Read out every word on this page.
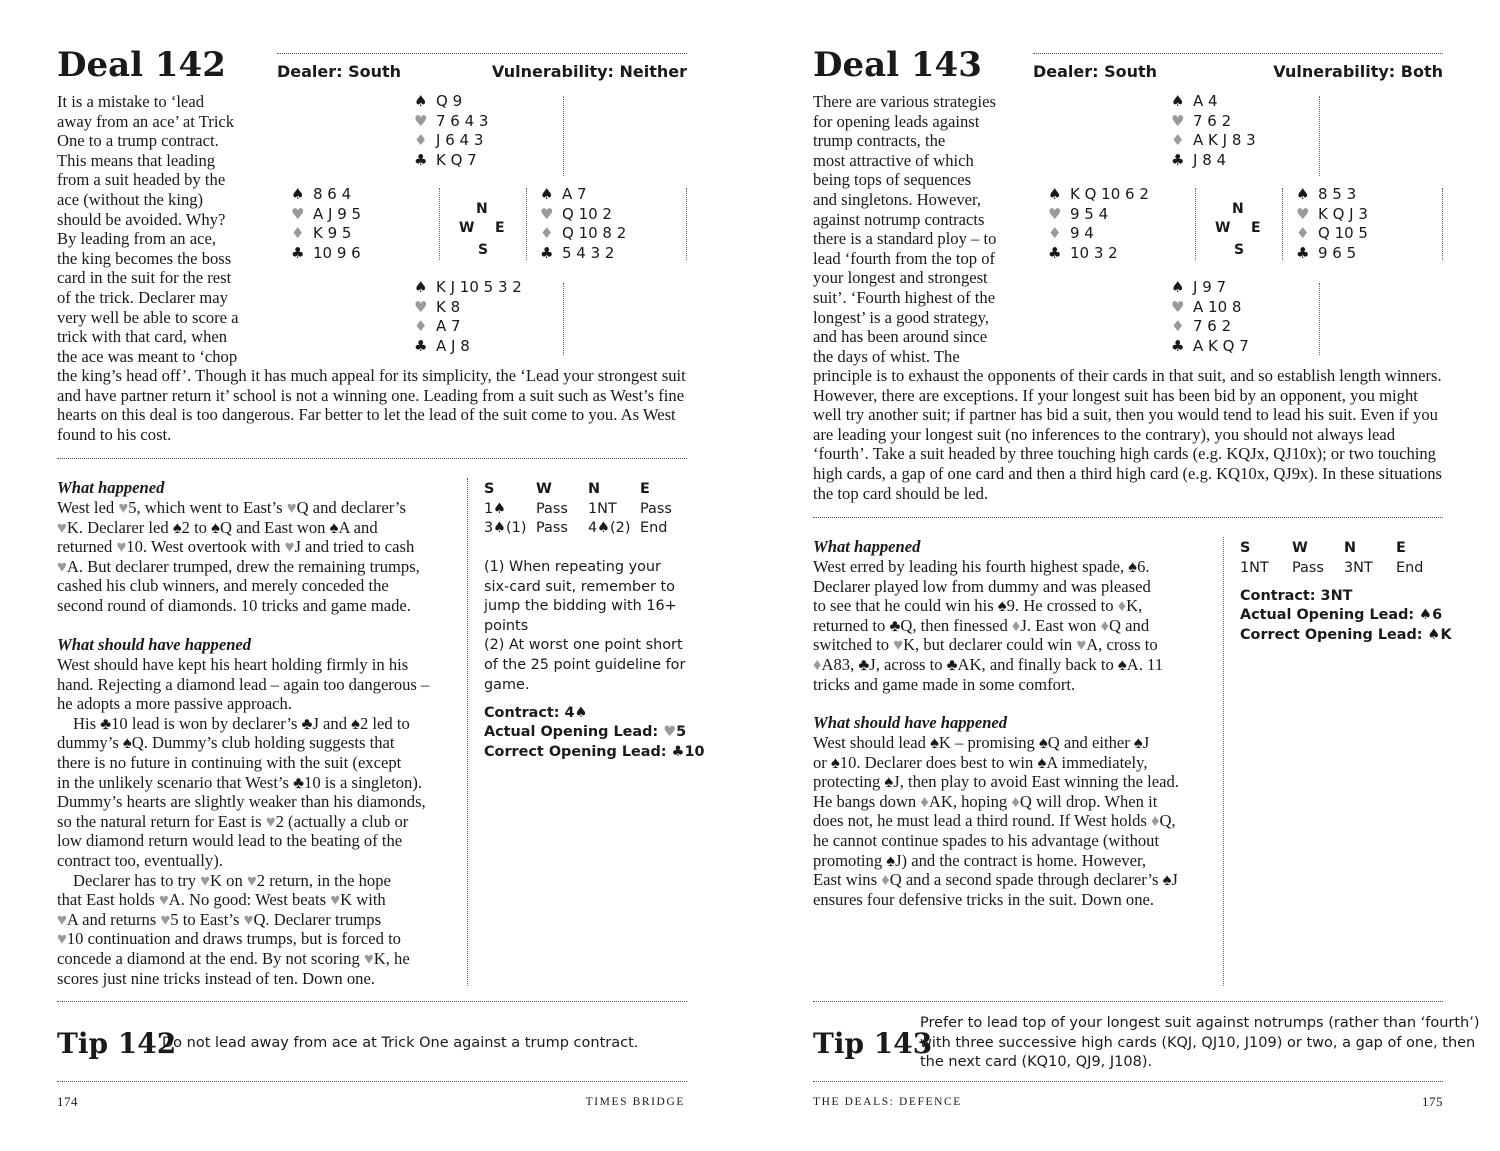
Deal 142	Dealer: South	Vulnerability: Neither
It is a mistake to ‘lead
away from an ace’ at Trick
One to a trump contract.
This means that leading
from a suit headed by the
ace (without the king)
should be avoided. Why?
By leading from an ace,
the king becomes the boss
card in the suit for the rest
of the trick. Declarer may
very well be able to score a
trick with that card, when
the ace was meant to ‘chop
♠ Q 9
♥ 7 6 4 3
♦ J 6 4 3
♣ K Q 7
♠ 8 6 4
♥ A J 9 5
♦ K 9 5
♣ 10 9 6
♠ A 7
♥ Q 10 2
♦ Q 10 8 2
♣ 5 4 3 2
♠ K J 10 5 3 2
♥ K 8
♦ A 7
♣ A J 8
N
W E
S
the king’s head off’. Though it has much appeal for its simplicity, the ‘Lead your strongest suit and have partner return it’ school is not a winning one. Leading from a suit such as West’s fine hearts on this deal is too dangerous. Far better to let the lead of the suit come to you. As West found to his cost.
What happened
West led ♥5, which went to East’s ♥Q and declarer’s
♥K. Declarer led ♠2 to ♠Q and East won ♠A and
returned ♥10. West overtook with ♥J and tried to cash
♥A. But declarer trumped, drew the remaining trumps,
cashed his club winners, and merely conceded the
second round of diamonds. 10 tricks and game made.
What should have happened
West should have kept his heart holding firmly in his
hand. Rejecting a diamond lead – again too dangerous –
he adopts a more passive approach.
His ♣10 lead is won by declarer’s ♣J and ♠2 led to
dummy’s ♠Q. Dummy’s club holding suggests that
there is no future in continuing with the suit (except
in the unlikely scenario that West’s ♣10 is a singleton).
Dummy’s hearts are slightly weaker than his diamonds,
so the natural return for East is ♥2 (actually a club or
low diamond return would lead to the beating of the
contract too, eventually).
Declarer has to try ♥K on ♥2 return, in the hope
that East holds ♥A. No good: West beats ♥K with
♥A and returns ♥5 to East’s ♥Q. Declarer trumps
♥10 continuation and draws trumps, but is forced to
concede a diamond at the end. By not scoring ♥K, he
scores just nine tricks instead of ten. Down one.
S	W	N	E
1♠	Pass	1NT	Pass
3♠(1)	Pass	4♠(2)	End
(1) When repeating your
six-card suit, remember to
jump the bidding with 16+
points
(2) At worst one point short
of the 25 point guideline for
game.
Contract: 4♠
Actual Opening Lead: ♥5
Correct Opening Lead: ♣10
Tip 142
Do not lead away from ace at Trick One against a trump contract.
174	TIMES BRIDGE
Deal 143	Dealer: South	Vulnerability: Both
There are various strategies
for opening leads against
trump contracts, the
most attractive of which
being tops of sequences
and singletons. However,
against notrump contracts
there is a standard ploy – to
lead ‘fourth from the top of
your longest and strongest
suit’. ‘Fourth highest of the
longest’ is a good strategy,
and has been around since
the days of whist. The
♠ A 4
♥ 7 6 2
♦ A K J 8 3
♣ J 8 4
♠ K Q 10 6 2
♥ 9 5 4
♦ 9 4
♣ 10 3 2
♠ 8 5 3
♥ K Q J 3
♦ Q 10 5
♣ 9 6 5
♠ J 9 7
♥ A 10 8
♦ 7 6 2
♣ A K Q 7
N
W E
S
principle is to exhaust the opponents of their cards in that suit, and so establish length winners. However, there are exceptions. If your longest suit has been bid by an opponent, you might well try another suit; if partner has bid a suit, then you would tend to lead his suit. Even if you are leading your longest suit (no inferences to the contrary), you should not always lead ‘fourth’. Take a suit headed by three touching high cards (e.g. KQJx, QJ10x); or two touching high cards, a gap of one card and then a third high card (e.g. KQ10x, QJ9x). In these situations the top card should be led.
What happened
West erred by leading his fourth highest spade, ♠6.
Declarer played low from dummy and was pleased
to see that he could win his ♠9. He crossed to ♦K,
returned to ♣Q, then finessed ♦J. East won ♦Q and
switched to ♥K, but declarer could win ♥A, cross to
♦A83, ♣J, across to ♣AK, and finally back to ♠A. 11
tricks and game made in some comfort.
What should have happened
West should lead ♠K – promising ♠Q and either ♠J
or ♠10. Declarer does best to win ♠A immediately,
protecting ♠J, then play to avoid East winning the lead.
He bangs down ♦AK, hoping ♦Q will drop. When it
does not, he must lead a third round. If West holds ♦Q,
he cannot continue spades to his advantage (without
promoting ♠J) and the contract is home. However,
East wins ♦Q and a second spade through declarer’s ♠J
ensures four defensive tricks in the suit. Down one.
S	W	N	E
1NT	Pass	3NT	End
Contract: 3NT
Actual Opening Lead: ♠6
Correct Opening Lead: ♠K
Tip 143
Prefer to lead top of your longest suit against notrumps (rather than ‘fourth’)
with three successive high cards (KQJ, QJ10, J109) or two, a gap of one, then
the next card (KQ10, QJ9, J108).
THE DEALS: DEFENCE	175
